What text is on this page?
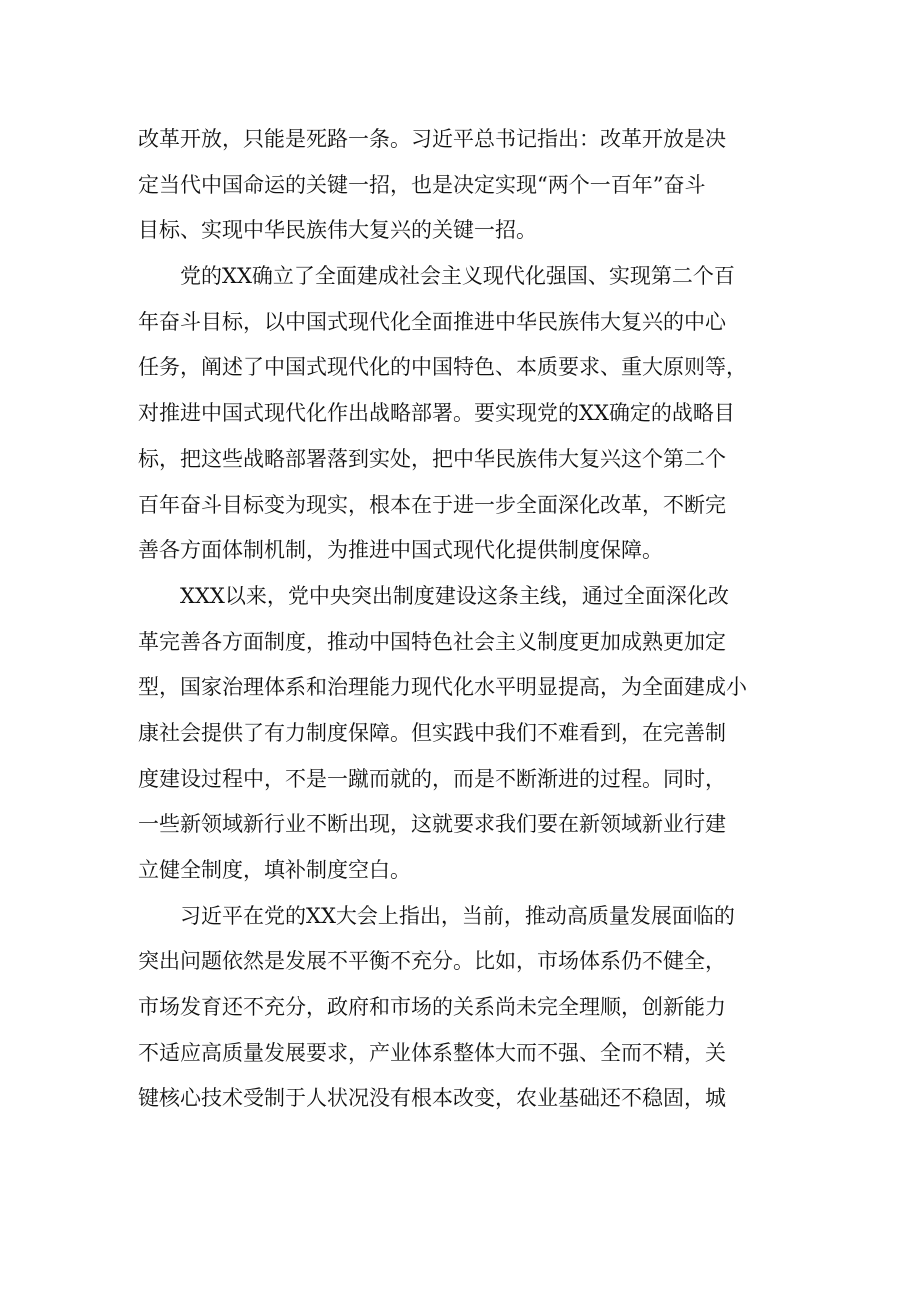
改革开放，只能是死路一条。习近平总书记指出：改革开放是决
定当代中国命运的关键一招，也是决定实现“两个一百年”奋斗
目标、实现中华民族伟大复兴的关键一招。
党的XX确立了全面建成社会主义现代化强国、实现第二个百
年奋斗目标，以中国式现代化全面推进中华民族伟大复兴的中心
任务，阐述了中国式现代化的中国特色、本质要求、重大原则等，
对推进中国式现代化作出战略部署。要实现党的XX确定的战略目
标，把这些战略部署落到实处，把中华民族伟大复兴这个第二个
百年奋斗目标变为现实，根本在于进一步全面深化改革，不断完
善各方面体制机制，为推进中国式现代化提供制度保障。
XXX以来，党中央突出制度建设这条主线，通过全面深化改
革完善各方面制度，推动中国特色社会主义制度更加成熟更加定
型，国家治理体系和治理能力现代化水平明显提高，为全面建成小
康社会提供了有力制度保障。但实践中我们不难看到，在完善制
度建设过程中，不是一蹴而就的，而是不断渐进的过程。同时，
一些新领域新行业不断出现，这就要求我们要在新领域新业行建
立健全制度，填补制度空白。
习近平在党的XX大会上指出，当前，推动高质量发展面临的
突出问题依然是发展不平衡不充分。比如，市场体系仍不健全，
市场发育还不充分，政府和市场的关系尚未完全理顺，创新能力
不适应高质量发展要求，产业体系整体大而不强、全而不精，关
键核心技术受制于人状况没有根本改变，农业基础还不稳固，城
